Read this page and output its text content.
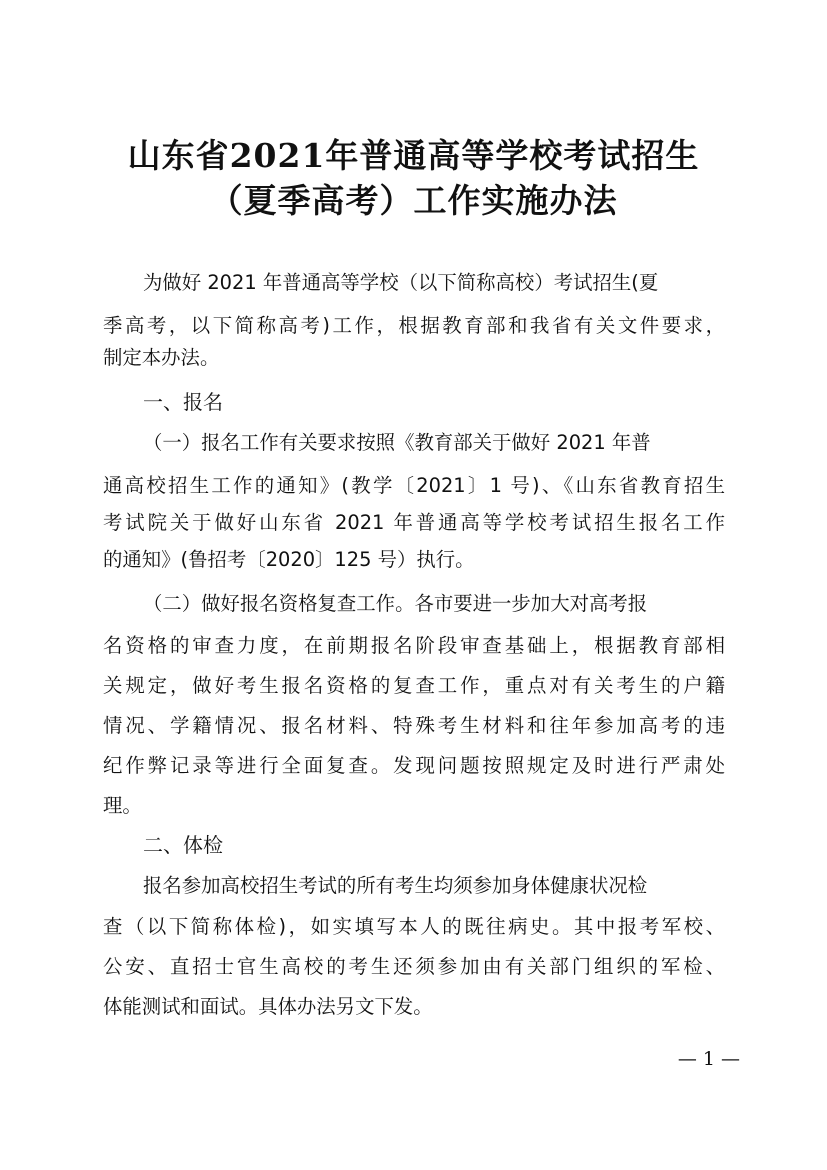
山东省2021年普通高等学校考试招生
（夏季高考）工作实施办法
为做好 2021 年普通高等学校（以下简称高校）考试招生(夏
季高考，以下简称高考)工作，根据教育部和我省有关文件要求，
制定本办法。
一、报名
（一）报名工作有关要求按照《教育部关于做好 2021 年普
通高校招生工作的通知》(教学〔2021〕1 号)、《山东省教育招生
考试院关于做好山东省 2021 年普通高等学校考试招生报名工作
的通知》(鲁招考〔2020〕125 号）执行。
（二）做好报名资格复查工作。各市要进一步加大对高考报
名资格的审查力度，在前期报名阶段审查基础上，根据教育部相
关规定，做好考生报名资格的复查工作，重点对有关考生的户籍
情况、学籍情况、报名材料、特殊考生材料和往年参加高考的违
纪作弊记录等进行全面复查。发现问题按照规定及时进行严肃处
理。
二、体检
报名参加高校招生考试的所有考生均须参加身体健康状况检
查（以下简称体检)，如实填写本人的既往病史。其中报考军校、
公安、直招士官生高校的考生还须参加由有关部门组织的军检、
体能测试和面试。具体办法另文下发。
— 1 —
